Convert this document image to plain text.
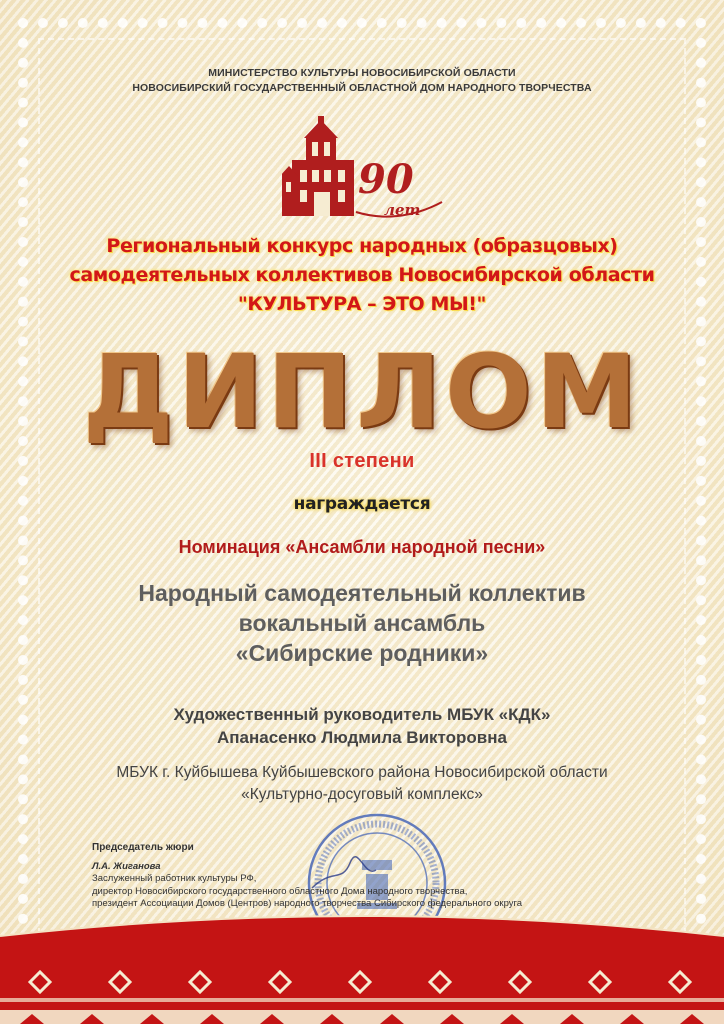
МИНИСТЕРСТВО КУЛЬТУРЫ НОВОСИБИРСКОЙ ОБЛАСТИ
НОВОСИБИРСКИЙ ГОСУДАРСТВЕННЫЙ ОБЛАСТНОЙ ДОМ НАРОДНОГО ТВОРЧЕСТВА
90
лет
Региональный конкурс народных (образцовых)
самодеятельных коллективов Новосибирской области
"КУЛЬТУРА – ЭТО МЫ!"
ДИПЛОМ
III степени
награждается
Номинация «Ансамбли народной песни»
Народный самодеятельный коллектив
вокальный ансамбль
«Сибирские родники»
Художественный руководитель МБУК «КДК»
Апанасенко Людмила Викторовна
МБУК г. Куйбышева Куйбышевского района Новосибирской области
«Культурно-досуговый комплекс»
Председатель жюри
Л.А. Жиганова
Заслуженный работник культуры РФ,
директор Новосибирского государственного областного Дома народного творчества,
президент Ассоциации Домов (Центров) народного творчества Сибирского федерального округа
